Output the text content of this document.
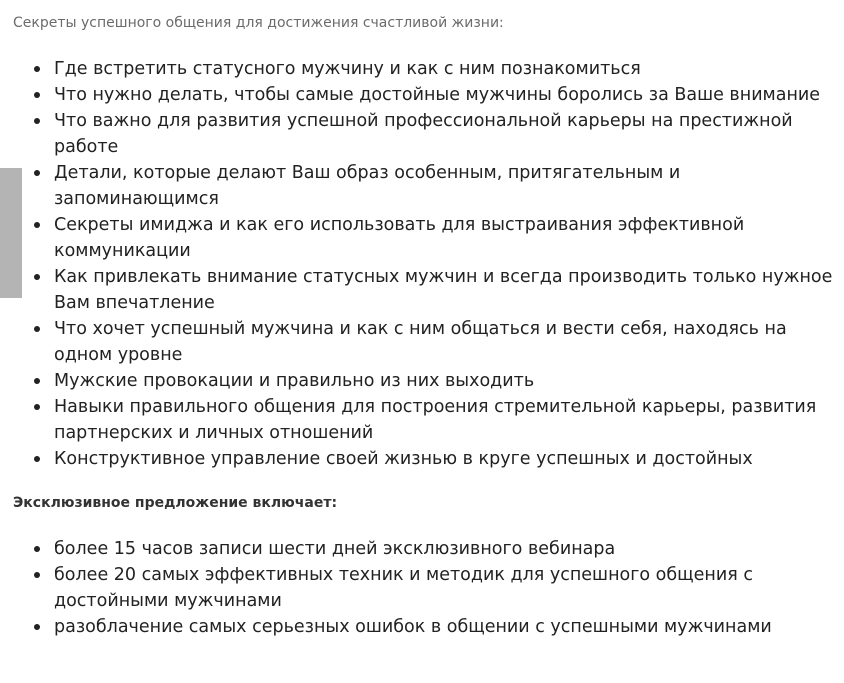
Секреты успешного общения для достижения счастливой жизни:

Где встретить статусного мужчину и как с ним познакомиться
Что нужно делать, чтобы самые достойные мужчины боролись за Ваше внимание
Что важно для развития успешной профессиональной карьеры на престижной работе
Детали, которые делают Ваш образ особенным, притягательным и запоминающимся
Секреты имиджа и как его использовать для выстраивания эффективной коммуникации
Как привлекать внимание статусных мужчин и всегда производить только нужное Вам впечатление
Что хочет успешный мужчина и как с ним общаться и вести себя, находясь на одном уровне
Мужские провокации и правильно из них выходить
Навыки правильного общения для построения стремительной карьеры, развития партнерских и личных отношений
Конструктивное управление своей жизнью в круге успешных и достойных

Эксклюзивное предложение включает:

более 15 часов записи шести дней эксклюзивного вебинара
более 20 самых эффективных техник и методик для успешного общения с достойными мужчинами
разоблачение самых серьезных ошибок в общении с успешными мужчинами
